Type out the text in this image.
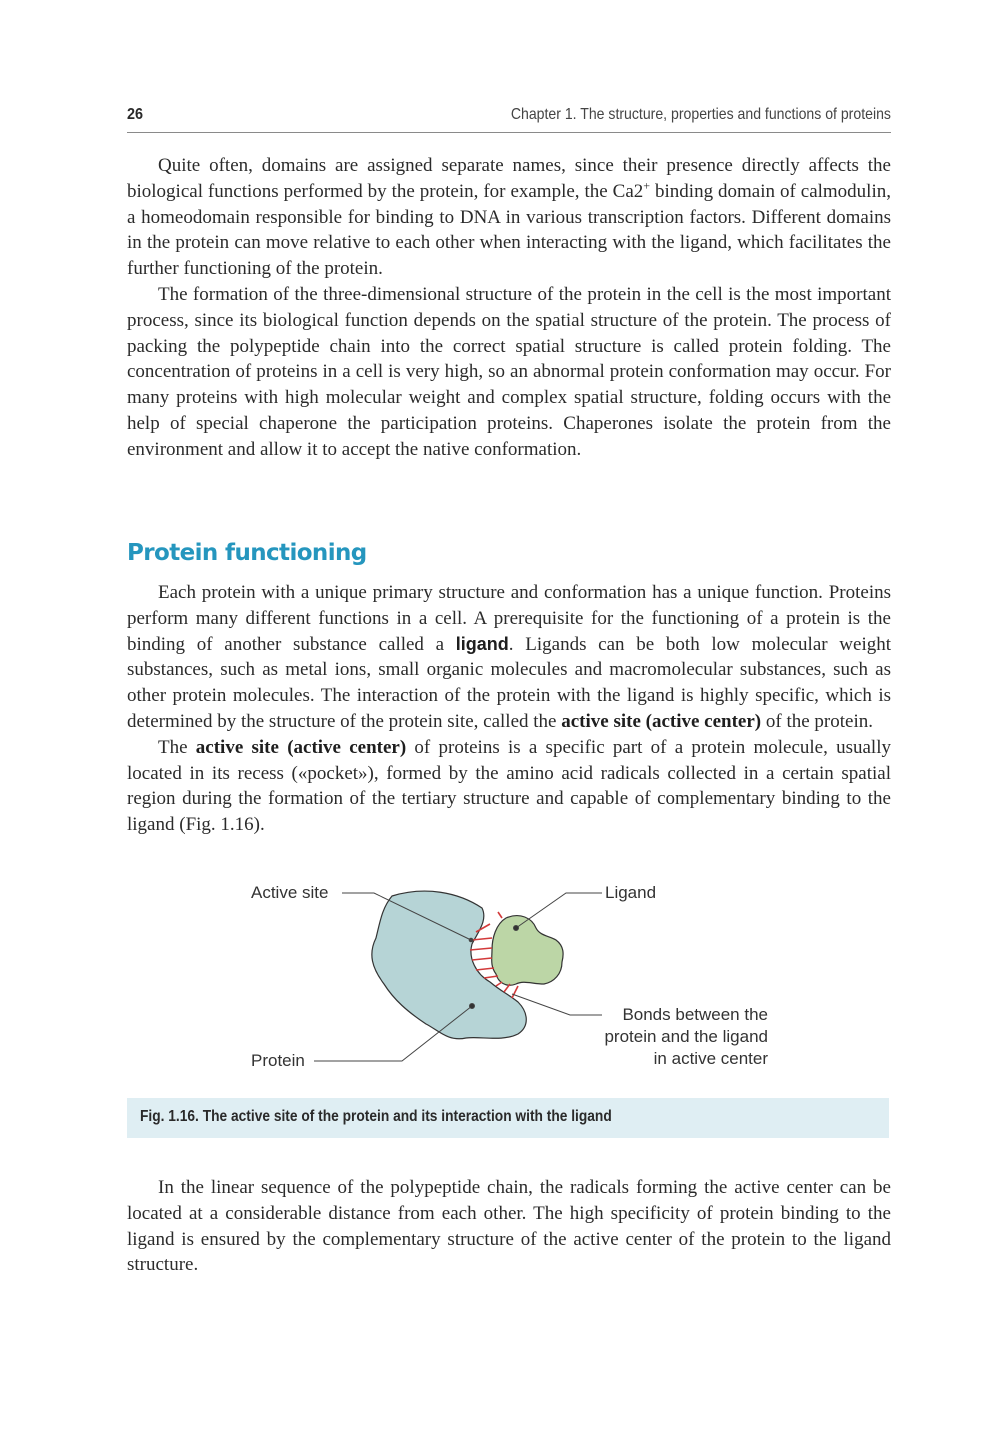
26	Chapter 1. The structure, properties and functions of proteins

Quite often, domains are assigned separate names, since their presence directly affects the biological functions performed by the protein, for example, the Ca2+ binding domain of calmodulin, a homeodomain responsible for binding to DNA in various transcription factors. Different domains in the protein can move relative to each other when interacting with the ligand, which facilitates the further functioning of the protein.

The formation of the three-dimensional structure of the protein in the cell is the most important process, since its biological function depends on the spatial structure of the protein. The process of packing the polypeptide chain into the correct spatial structure is called protein folding. The concentration of proteins in a cell is very high, so an abnormal protein conformation may occur. For many proteins with high molecular weight and complex spatial structure, folding occurs with the help of special chaperone the participation proteins. Chaperones isolate the protein from the environment and allow it to accept the native conformation.

Protein functioning

Each protein with a unique primary structure and conformation has a unique function. Proteins perform many different functions in a cell. A prerequisite for the functioning of a protein is the binding of another substance called a ligand. Ligands can be both low molecular weight substances, such as metal ions, small organic molecules and macromolecular substances, such as other protein molecules. The interaction of the protein with the ligand is highly specific, which is determined by the structure of the protein site, called the active site (active center) of the protein.

The active site (active center) of proteins is a specific part of a protein molecule, usually located in its recess («pocket»), formed by the amino acid radicals collected in a certain spatial region during the formation of the tertiary structure and capable of complementary binding to the ligand (Fig. 1.16).

Active site	Ligand
Protein
Bonds between the
protein and the ligand
in active center
Fig. 1.16. The active site of the protein and its interaction with the ligand

In the linear sequence of the polypeptide chain, the radicals forming the active center can be located at a considerable distance from each other. The high specificity of protein binding to the ligand is ensured by the complementary structure of the active center of the protein to the ligand structure.
